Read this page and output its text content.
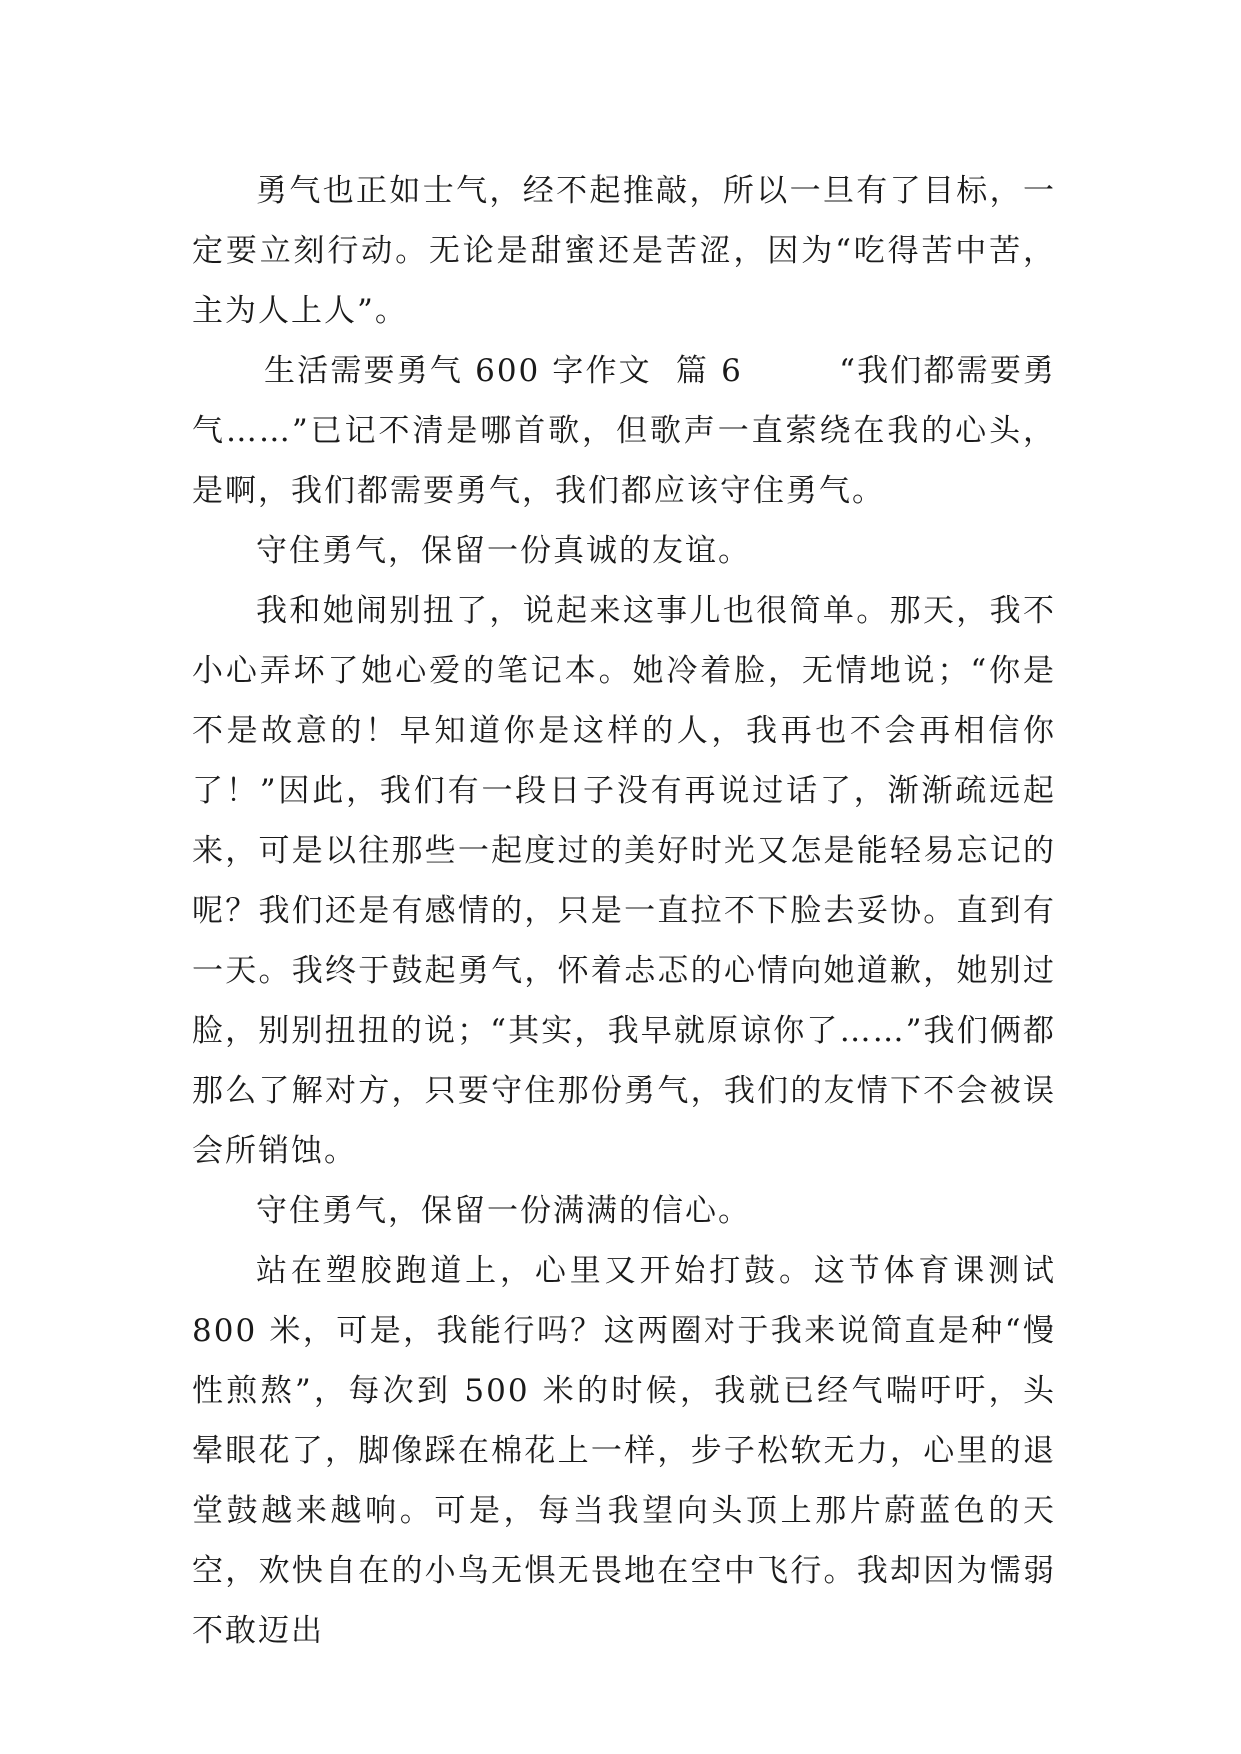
勇气也正如士气，经不起推敲，所以一旦有了目标，一定要立刻行动。无论是甜蜜还是苦涩，因为“吃得苦中苦，主为人上人”。

生活需要勇气 600 字作文  篇 6        “我们都需要勇气……”已记不清是哪首歌，但歌声一直萦绕在我的心头，是啊，我们都需要勇气，我们都应该守住勇气。

守住勇气，保留一份真诚的友谊。

我和她闹别扭了，说起来这事儿也很简单。那天，我不小心弄坏了她心爱的笔记本。她冷着脸，无情地说；“你是不是故意的！早知道你是这样的人，我再也不会再相信你了！”因此，我们有一段日子没有再说过话了，渐渐疏远起来，可是以往那些一起度过的美好时光又怎是能轻易忘记的呢？我们还是有感情的，只是一直拉不下脸去妥协。直到有一天。我终于鼓起勇气，怀着忐忑的心情向她道歉，她别过脸，别别扭扭的说；“其实，我早就原谅你了……”我们俩都那么了解对方，只要守住那份勇气，我们的友情下不会被误会所销蚀。

守住勇气，保留一份满满的信心。

站在塑胶跑道上，心里又开始打鼓。这节体育课测试 800 米，可是，我能行吗？这两圈对于我来说简直是种“慢性煎熬”，每次到 500 米的时候，我就已经气喘吁吁，头晕眼花了，脚像踩在棉花上一样，步子松软无力，心里的退堂鼓越来越响。可是，每当我望向头顶上那片蔚蓝色的天空，欢快自在的小鸟无惧无畏地在空中飞行。我却因为懦弱不敢迈出
